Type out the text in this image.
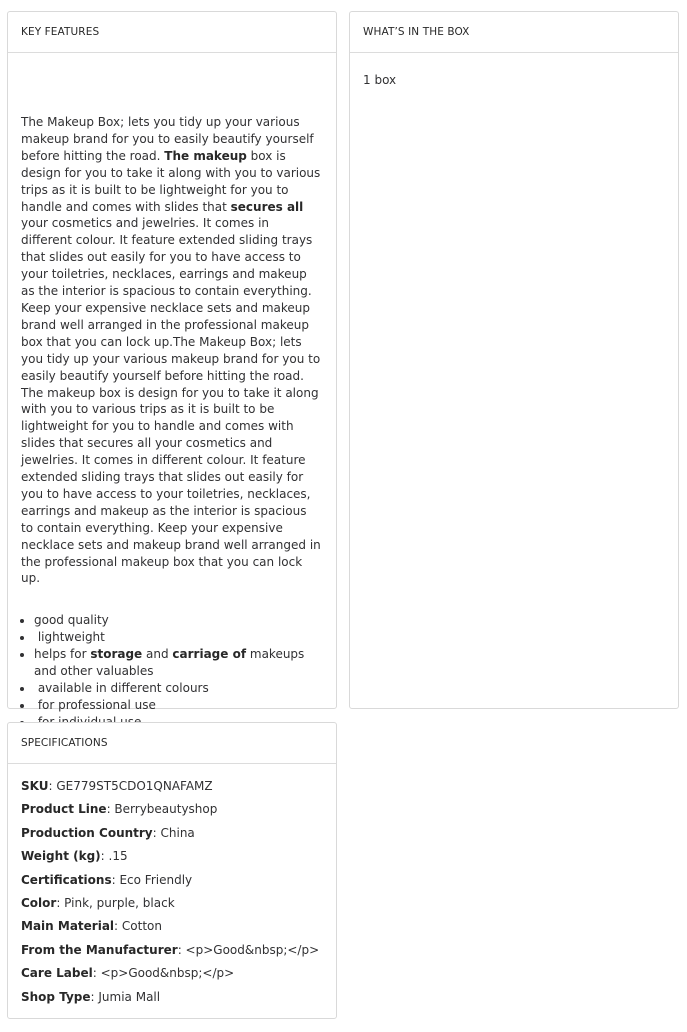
KEY FEATURES

The Makeup Box; lets you tidy up your various makeup brand for you to easily beautify yourself before hitting the road. The makeup box is design for you to take it along with you to various trips as it is built to be lightweight for you to handle and comes with slides that secures all your cosmetics and jewelries. It comes in different colour. It feature extended sliding trays that slides out easily for you to have access to your toiletries, necklaces, earrings and makeup as the interior is spacious to contain everything. Keep your expensive necklace sets and makeup brand well arranged in the professional makeup box that you can lock up.The Makeup Box; lets you tidy up your various makeup brand for you to easily beautify yourself before hitting the road. The makeup box is design for you to take it along with you to various trips as it is built to be lightweight for you to handle and comes with slides that secures all your cosmetics and jewelries. It comes in different colour. It feature extended sliding trays that slides out easily for you to have access to your toiletries, necklaces, earrings and makeup as the interior is spacious to contain everything. Keep your expensive necklace sets and makeup brand well arranged in the professional makeup box that you can lock up.

• good quality
•  lightweight
• helps for storage and carriage of makeups and other valuables
•  available in different colours
•  for professional use
•
WHAT’S IN THE BOX
1 box
SPECIFICATIONS
SKU: GE779ST5CDO1QNAFAMZ
Product Line: Berrybeautyshop
Production Country: China
Weight (kg): .15
Certifications: Eco Friendly
Color: Pink, purple, black
Main Material: Cotton
From the Manufacturer: <p>Good&nbsp;</p>
Care Label: <p>Good&nbsp;</p>
Shop Type: Jumia Mall
